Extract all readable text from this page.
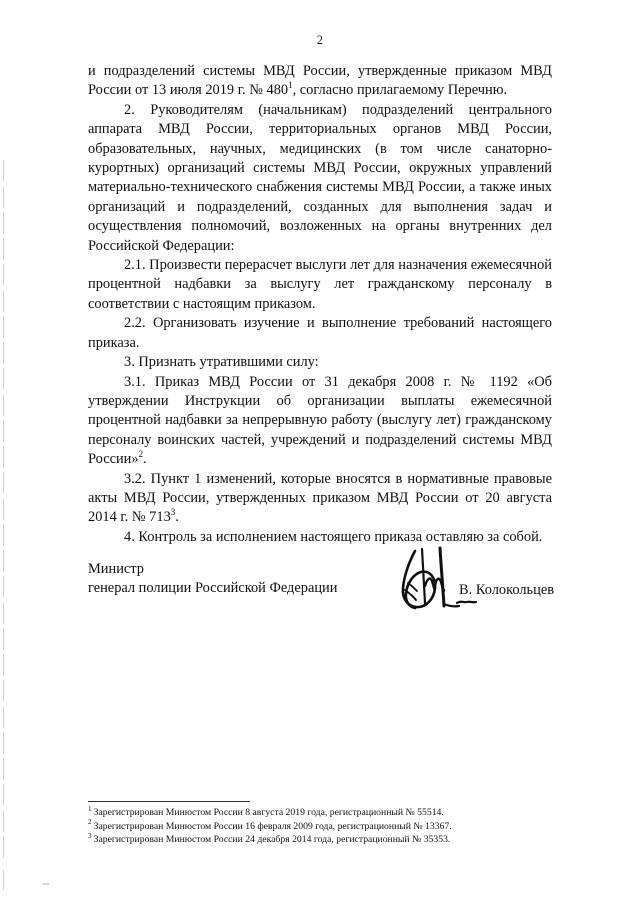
2

и подразделений системы МВД России, утвержденные приказом МВД России от 13 июля 2019 г. № $480^1$, согласно прилагаемому Перечню.

2. Руководителям (начальникам) подразделений центрального аппарата МВД России, территориальных органов МВД России, образовательных, научных, медицинских (в том числе санаторно-курортных) организаций системы МВД России, окружных управлений материально-технического снабжения системы МВД России, а также иных организаций и подразделений, созданных для выполнения задач и осуществления полномочий, возложенных на органы внутренних дел Российской Федерации:

2.1. Произвести перерасчет выслуги лет для назначения ежемесячной процентной надбавки за выслугу лет гражданскому персоналу в соответствии с настоящим приказом.

2.2. Организовать изучение и выполнение требований настоящего приказа.

3. Признать утратившими силу:

3.1. Приказ МВД России от 31 декабря 2008 г. № 1192 «Об утверждении Инструкции об организации выплаты ежемесячной процентной надбавки за непрерывную работу (выслугу лет) гражданскому персоналу воинских частей, учреждений и подразделений системы МВД России»$^2$.

3.2. Пункт 1 изменений, которые вносятся в нормативные правовые акты МВД России, утвержденных приказом МВД России от 20 августа 2014 г. № $713^3$.

4. Контроль за исполнением настоящего приказа оставляю за собой.

Министр
генерал полиции Российской Федерации	В. Колокольцев
$^1$ Зарегистрирован Минюстом России 8 августа 2019 года, регистрационный № 55514.
$^2$ Зарегистрирован Минюстом России 16 февраля 2009 года, регистрационный № 13367.
$^3$ Зарегистрирован Минюстом России 24 декабря 2014 года, регистрационный № 35353.
